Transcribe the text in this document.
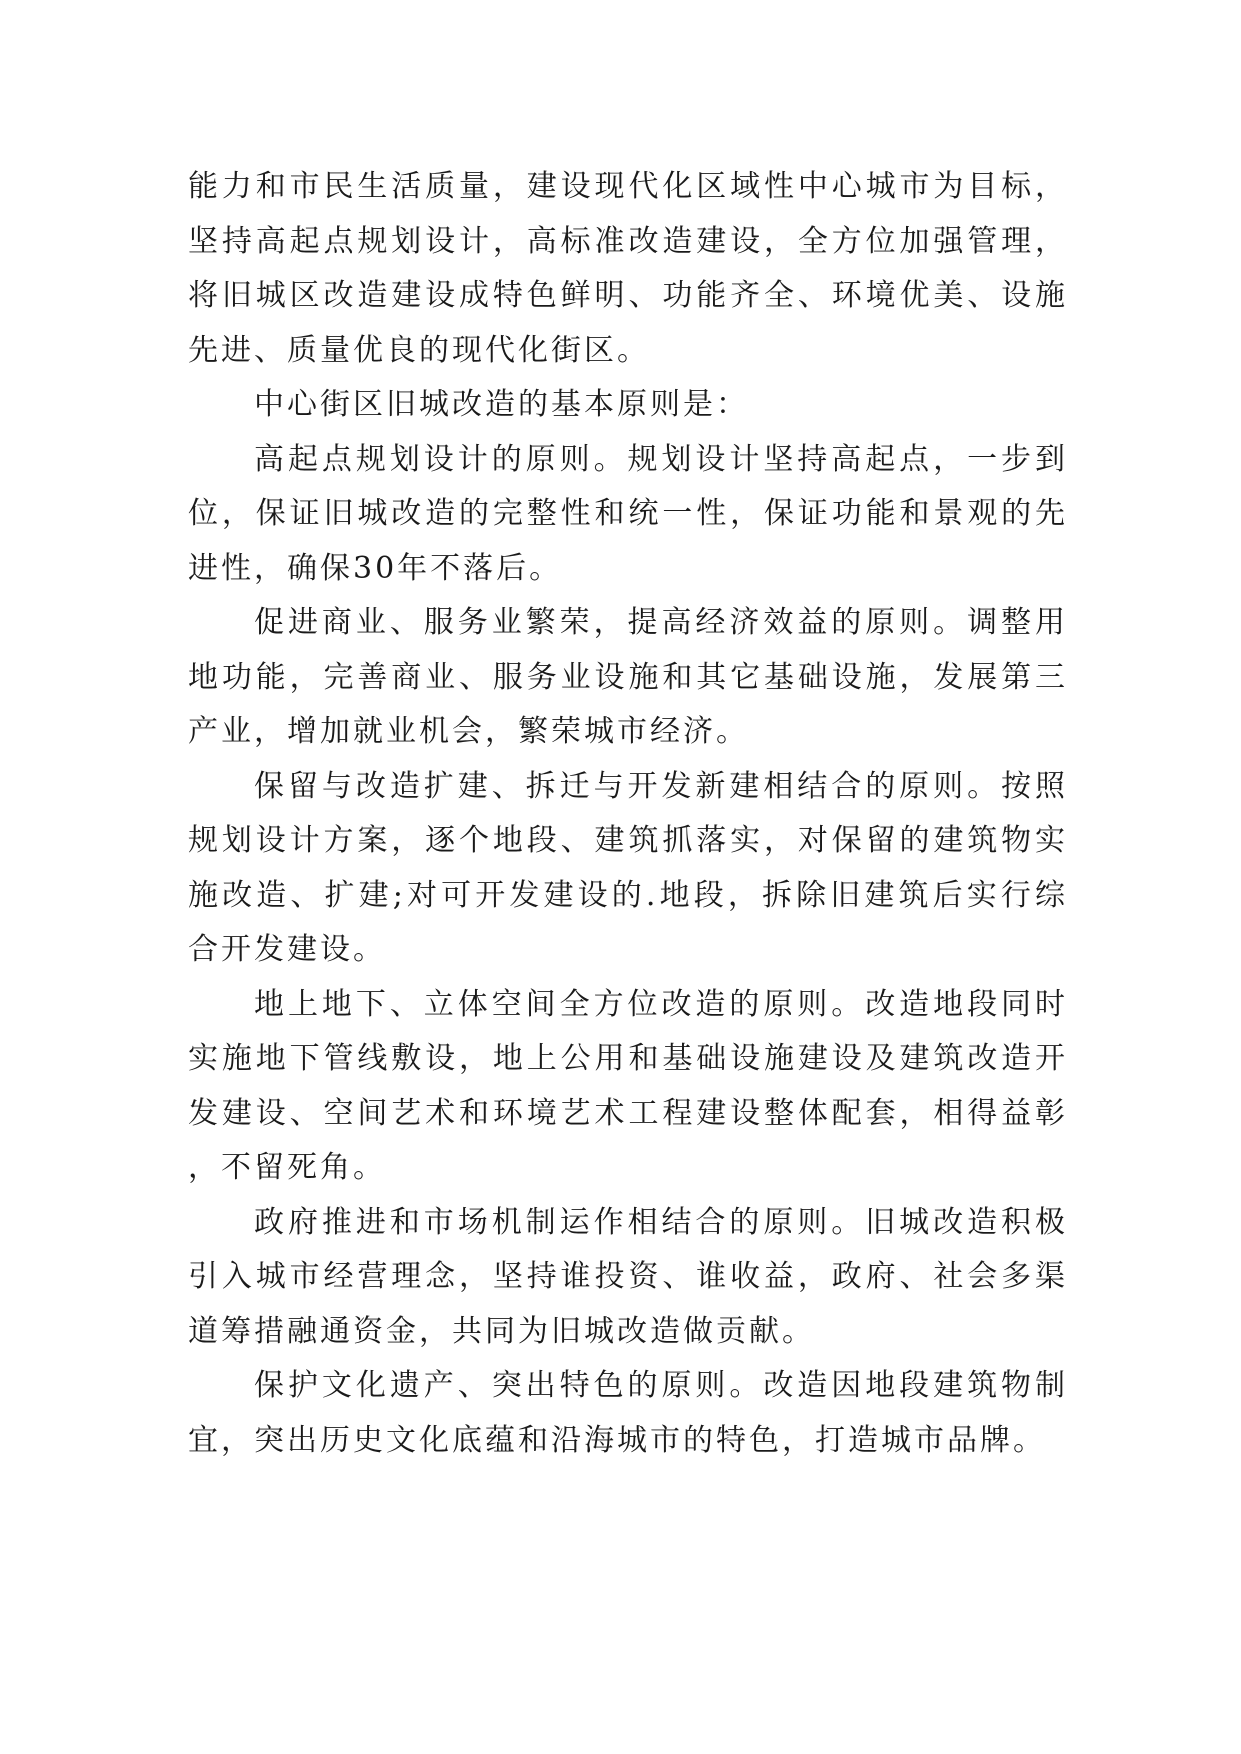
能力和市民生活质量，建设现代化区域性中心城市为目标，坚持高起点规划设计，高标准改造建设，全方位加强管理，将旧城区改造建设成特色鲜明、功能齐全、环境优美、设施先进、质量优良的现代化街区。

中心街区旧城改造的基本原则是：

高起点规划设计的原则。规划设计坚持高起点，一步到位，保证旧城改造的完整性和统一性，保证功能和景观的先进性，确保30年不落后。

促进商业、服务业繁荣，提高经济效益的原则。调整用地功能，完善商业、服务业设施和其它基础设施，发展第三产业，增加就业机会，繁荣城市经济。

保留与改造扩建、拆迁与开发新建相结合的原则。按照规划设计方案，逐个地段、建筑抓落实，对保留的建筑物实施改造、扩建;对可开发建设的.地段，拆除旧建筑后实行综合开发建设。

地上地下、立体空间全方位改造的原则。改造地段同时实施地下管线敷设，地上公用和基础设施建设及建筑改造开发建设、空间艺术和环境艺术工程建设整体配套，相得益彰，不留死角。

政府推进和市场机制运作相结合的原则。旧城改造积极引入城市经营理念，坚持谁投资、谁收益，政府、社会多渠道筹措融通资金，共同为旧城改造做贡献。

保护文化遗产、突出特色的原则。改造因地段建筑物制宜，突出历史文化底蕴和沿海城市的特色，打造城市品牌。
